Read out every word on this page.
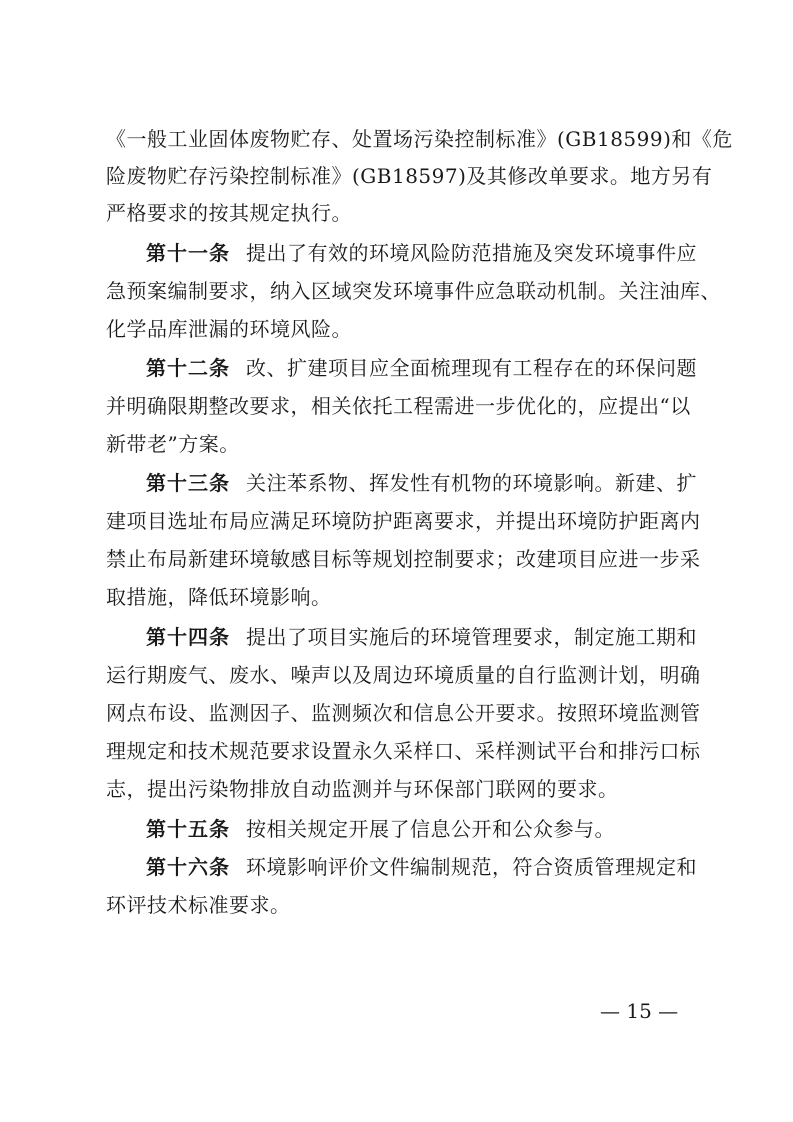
《一般工业固体废物贮存、处置场污染控制标准》(GB18599)和《危
险废物贮存污染控制标准》(GB18597)及其修改单要求。地方另有
严格要求的按其规定执行。
第十一条 提出了有效的环境风险防范措施及突发环境事件应
急预案编制要求，纳入区域突发环境事件应急联动机制。关注油库、
化学品库泄漏的环境风险。
第十二条 改、扩建项目应全面梳理现有工程存在的环保问题
并明确限期整改要求，相关依托工程需进一步优化的，应提出“以
新带老”方案。
第十三条 关注苯系物、挥发性有机物的环境影响。新建、扩
建项目选址布局应满足环境防护距离要求，并提出环境防护距离内
禁止布局新建环境敏感目标等规划控制要求；改建项目应进一步采
取措施，降低环境影响。
第十四条 提出了项目实施后的环境管理要求，制定施工期和
运行期废气、废水、噪声以及周边环境质量的自行监测计划，明确
网点布设、监测因子、监测频次和信息公开要求。按照环境监测管
理规定和技术规范要求设置永久采样口、采样测试平台和排污口标
志，提出污染物排放自动监测并与环保部门联网的要求。
第十五条 按相关规定开展了信息公开和公众参与。
第十六条 环境影响评价文件编制规范，符合资质管理规定和
环评技术标准要求。
— 15 —
